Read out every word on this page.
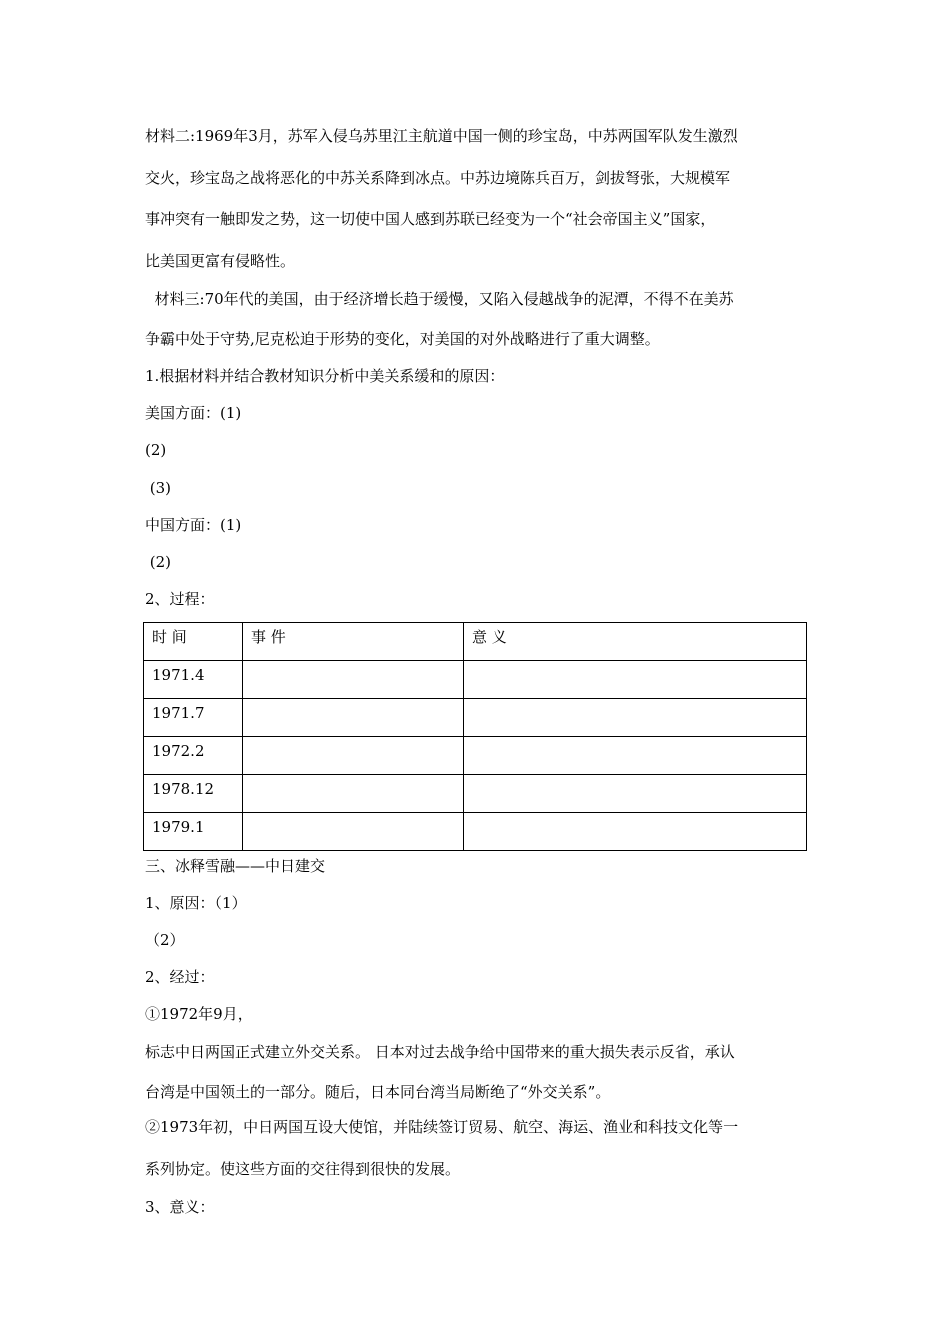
材料二:1969年3月，苏军入侵乌苏里江主航道中国一侧的珍宝岛，中苏两国军队发生激烈
交火，珍宝岛之战将恶化的中苏关系降到冰点。中苏边境陈兵百万，剑拔弩张，大规模军
事冲突有一触即发之势，这一切使中国人感到苏联已经变为一个“社会帝国主义”国家，
比美国更富有侵略性。
材料三:70年代的美国，由于经济增长趋于缓慢，又陷入侵越战争的泥潭，不得不在美苏
争霸中处于守势,尼克松迫于形势的变化，对美国的对外战略进行了重大调整。
1.根据材料并结合教材知识分析中美关系缓和的原因：
美国方面：(1)
(2)
(3)
中国方面：(1)
(2)
2、过程：
时 间	事 件	意 义
1971.4		
1971.7		
1972.2		
1978.12		
1979.1		
三、冰释雪融——中日建交
1、原因：（1）
（2）
2、经过：
①1972年9月，
标志中日两国正式建立外交关系。 日本对过去战争给中国带来的重大损失表示反省，承认
台湾是中国领土的一部分。随后，日本同台湾当局断绝了“外交关系”。
②1973年初，中日两国互设大使馆，并陆续签订贸易、航空、海运、渔业和科技文化等一
系列协定。使这些方面的交往得到很快的发展。
3、意义：
